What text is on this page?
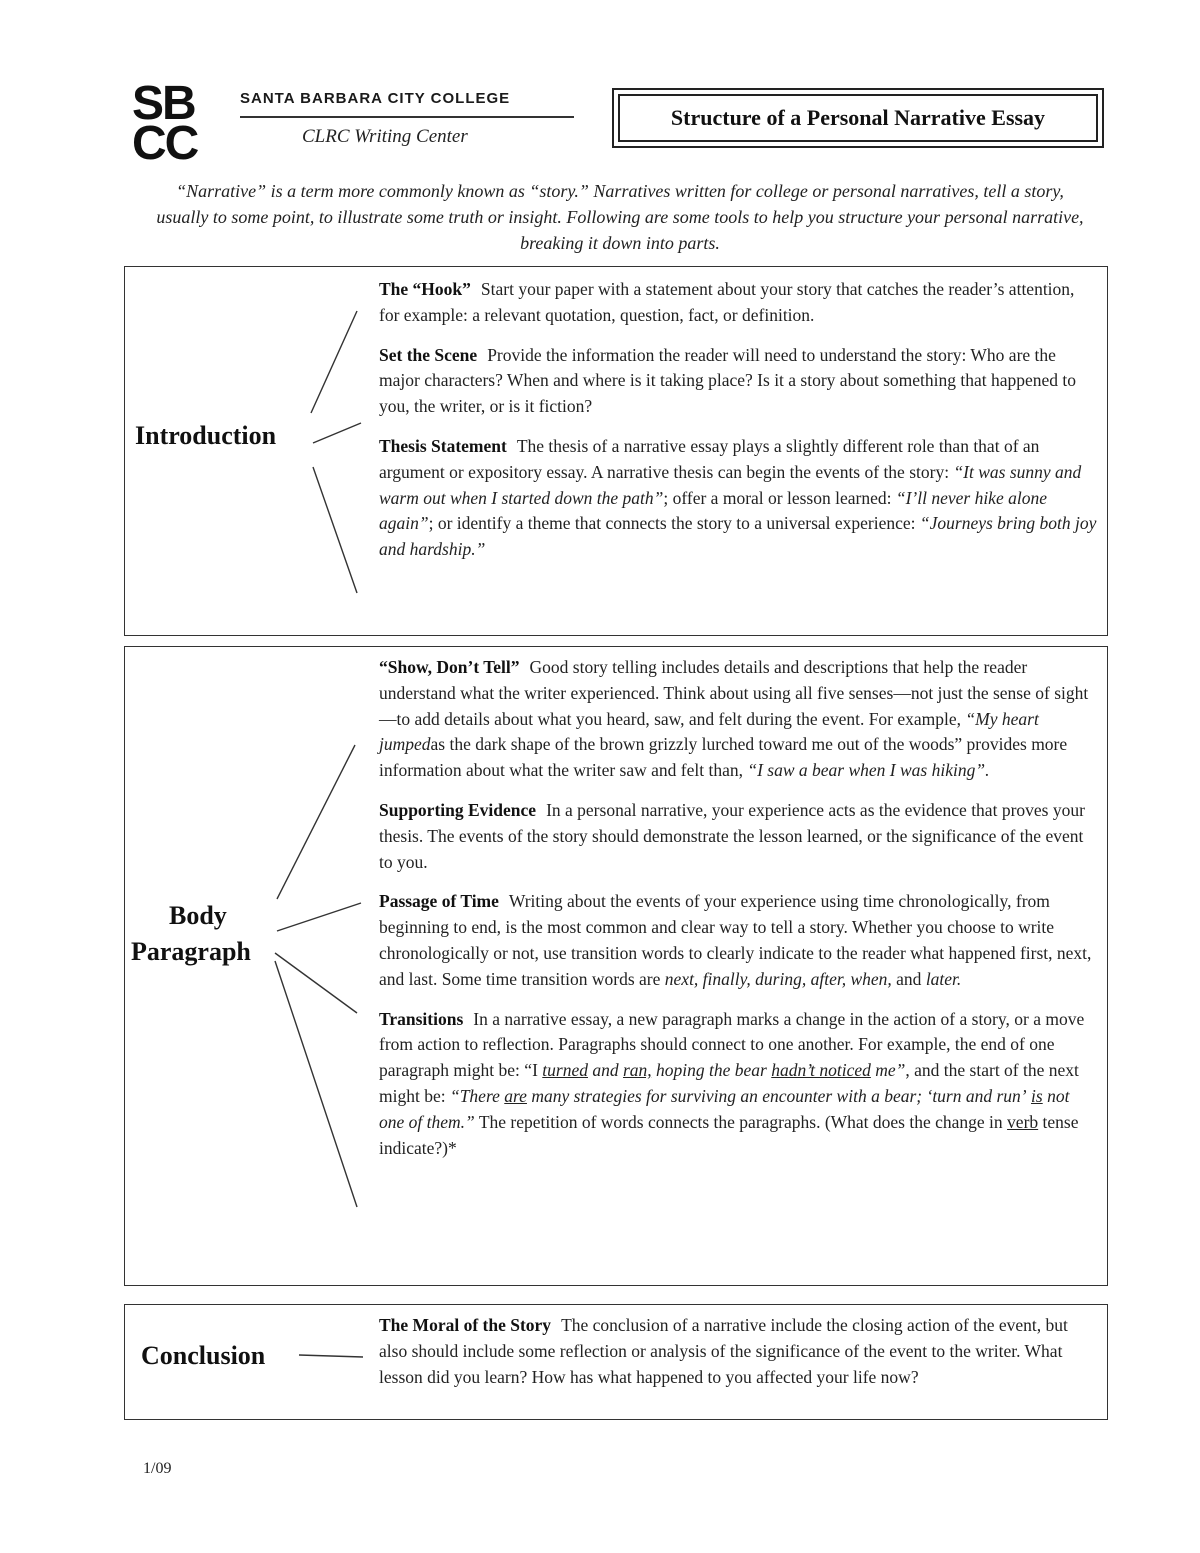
SB
CC
SANTA BARBARA CITY COLLEGE
CLRC Writing Center
Structure of a Personal Narrative Essay
“Narrative” is a term more commonly known as “story.” Narratives written for college or personal narratives, tell a story, usually to some point, to illustrate some truth or insight. Following are some tools to help you structure your personal narrative, breaking it down into parts.
Introduction
The “Hook” Start your paper with a statement about your story that catches the reader’s attention, for example: a relevant quotation, question, fact, or definition.
Set the Scene Provide the information the reader will need to understand the story: Who are the major characters? When and where is it taking place? Is it a story about something that happened to you, the writer, or is it fiction?
Thesis Statement The thesis of a narrative essay plays a slightly different role than that of an argument or expository essay. A narrative thesis can begin the events of the story: “It was sunny and warm out when I started down the path”; offer a moral or lesson learned: “I’ll never hike alone again”; or identify a theme that connects the story to a universal experience: “Journeys bring both joy and hardship.”
Body
Paragraph
“Show, Don’t Tell” Good story telling includes details and descriptions that help the reader understand what the writer experienced. Think about using all five senses—not just the sense of sight—to add details about what you heard, saw, and felt during the event. For example, “My heart jumpedas the dark shape of the brown grizzly lurched toward me out of the woods” provides more information about what the writer saw and felt than, “I saw a bear when I was hiking”.
Supporting Evidence In a personal narrative, your experience acts as the evidence that proves your thesis. The events of the story should demonstrate the lesson learned, or the significance of the event to you.
Passage of Time Writing about the events of your experience using time chronologically, from beginning to end, is the most common and clear way to tell a story. Whether you choose to write chronologically or not, use transition words to clearly indicate to the reader what happened first, next, and last. Some time transition words are next, finally, during, after, when, and later.
Transitions In a narrative essay, a new paragraph marks a change in the action of a story, or a move from action to reflection. Paragraphs should connect to one another. For example, the end of one paragraph might be: “I turned and ran, hoping the bear hadn’t noticed me”, and the start of the next might be: “There are many strategies for surviving an encounter with a bear; ‘turn and run’ is not one of them.” The repetition of words connects the paragraphs. (What does the change in verb tense indicate?)*
Conclusion
The Moral of the Story The conclusion of a narrative include the closing action of the event, but also should include some reflection or analysis of the significance of the event to the writer. What lesson did you learn? How has what happened to you affected your life now?
1/09
